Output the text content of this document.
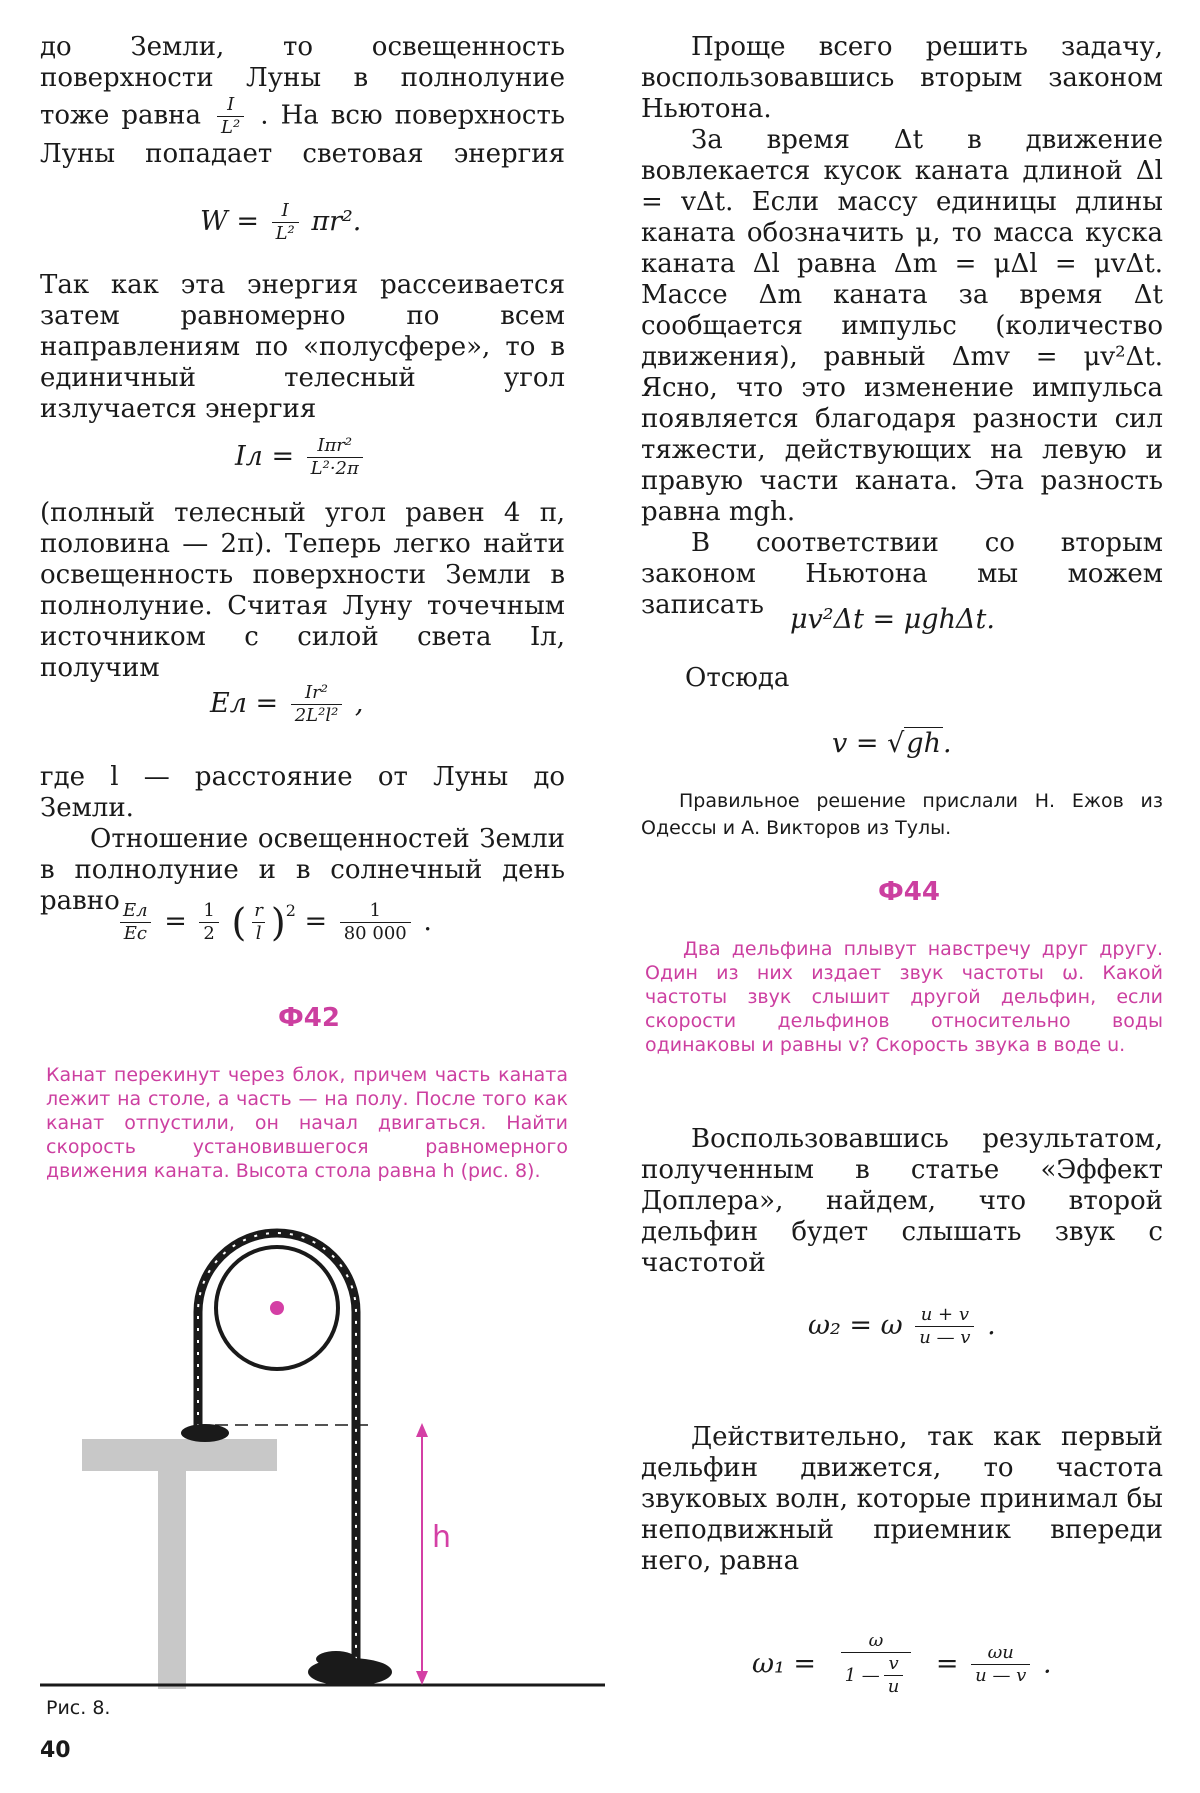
до Земли, то освещенность поверхности Луны в полнолуние тоже равна $\frac{I}{\text{L²}}$ . На всю поверхность Луны попадает световая энергия

$W = \frac{I}{\text{L²}} \pi r^2$.

Так как эта энергия рассеивается затем равномерно по всем направлениям по «полусфере», то в единичный телесный угол излучается энергия

Iл = $\frac{\text{Iπr²}}{\text{L²·2π}}$

(полный телесный угол равен 4 π, половина — 2π). Теперь легко найти освещенность поверхности Земли в полнолуние. Считая Луну точечным источником с силой света Iл, получим

Eл = $\frac{\text{Ir²}}{\text{2L²l²}}$ ,

где l — расстояние от Луны до Земли.

Отношение освещенностей Земли в полнолуние и в солнечный день равно $\frac{Eл}{Ec} = \frac{1}{2}$ ( $\frac{r}{l} )^2 = \frac{1}{80 000}$ .
Ф42

Канат перекинут через блок, причем часть каната лежит на столе, а часть — на полу. После того как канат отпустили, он начал двигаться. Найти скорость установившегося равномерного движения каната. Высота стола равна h (рис. 8).

h
Рис. 8.
40

Проще всего решить задачу, воспользовавшись вторым законом Ньютона.

За время Δt в движение вовлекается кусок каната длиной Δl = vΔt. Если массу единицы длины каната обозначить μ, то масса куска каната Δl равна Δm = μΔl = μvΔt. Массе Δm каната за время Δt сообщается импульс (количество движения), равный Δmv = μv²Δt. Ясно, что это изменение импульса появляется благодаря разности сил тяжести, действующих на левую и правую части каната. Эта разность равна mgh.

В соответствии со вторым законом Ньютона мы можем записать μv²Δt = μghΔt.

Отсюда

v = √gh.

Правильное решение прислали Н. Ежов из Одессы и А. Викторов из Тулы.

Ф44

Два дельфина плывут навстречу друг другу. Один из них издает звук частоты ω. Какой частоты звук слышит другой дельфин, если скорости дельфинов относительно воды одинаковы и равны v? Скорость звука в воде u.

Воспользовавшись результатом, полученным в статье «Эффект Доплера», найдем, что второй дельфин будет слышать звук с частотой

ω₂ = ω $\frac{u + v}{u — v}$ .

Действительно, так как первый дельфин движется, то частота звуковых волн, которые принимал бы неподвижный приемник впереди него, равна

$\omega_1 = \frac{\omega}{1 — \frac{v}{u}} = \frac{\omega u}{u — v}$ .
